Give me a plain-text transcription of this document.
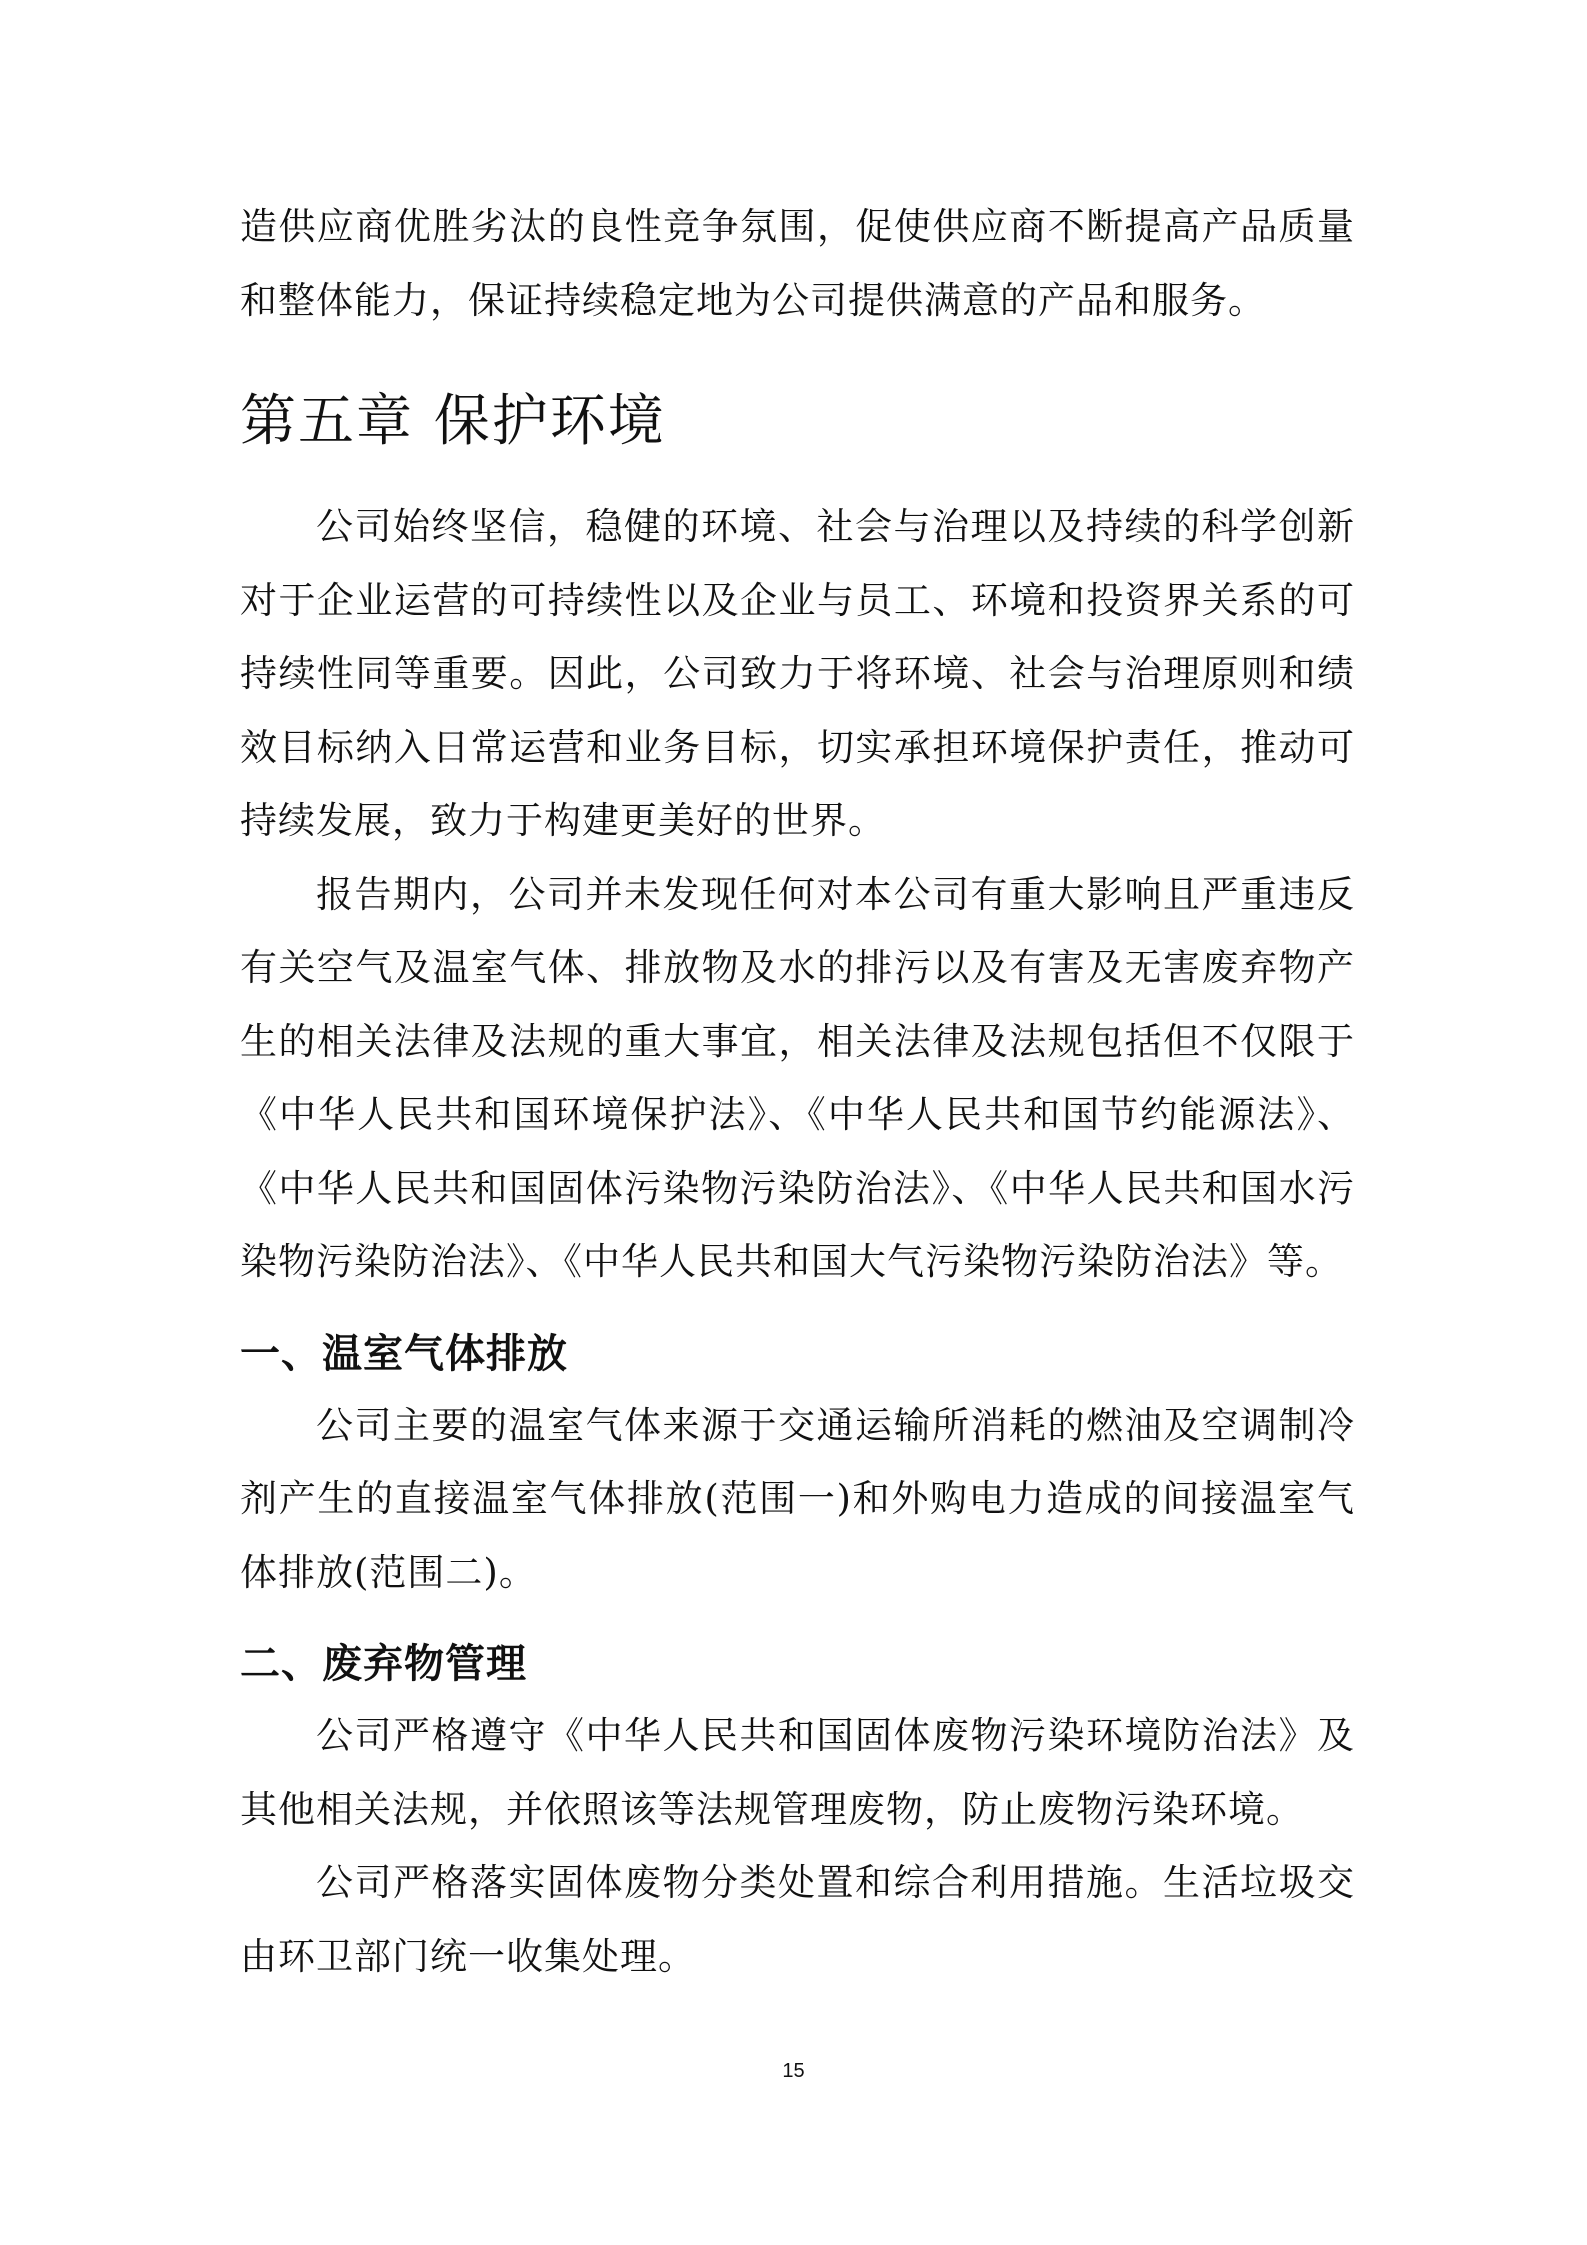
造供应商优胜劣汰的良性竞争氛围，促使供应商不断提高产品质量和整体能力，保证持续稳定地为公司提供满意的产品和服务。

第五章 保护环境

公司始终坚信，稳健的环境、社会与治理以及持续的科学创新对于企业运营的可持续性以及企业与员工、环境和投资界关系的可持续性同等重要。因此，公司致力于将环境、社会与治理原则和绩效目标纳入日常运营和业务目标，切实承担环境保护责任，推动可持续发展，致力于构建更美好的世界。

报告期内，公司并未发现任何对本公司有重大影响且严重违反有关空气及温室气体、排放物及水的排污以及有害及无害废弃物产生的相关法律及法规的重大事宜，相关法律及法规包括但不仅限于《中华人民共和国环境保护法》、《中华人民共和国节约能源法》、《中华人民共和国固体污染物污染防治法》、《中华人民共和国水污染物污染防治法》、《中华人民共和国大气污染物污染防治法》等。

一、温室气体排放

公司主要的温室气体来源于交通运输所消耗的燃油及空调制冷剂产生的直接温室气体排放(范围一)和外购电力造成的间接温室气体排放(范围二)。

二、废弃物管理

公司严格遵守《中华人民共和国固体废物污染环境防治法》及其他相关法规，并依照该等法规管理废物，防止废物污染环境。

公司严格落实固体废物分类处置和综合利用措施。生活垃圾交由环卫部门统一收集处理。

15
